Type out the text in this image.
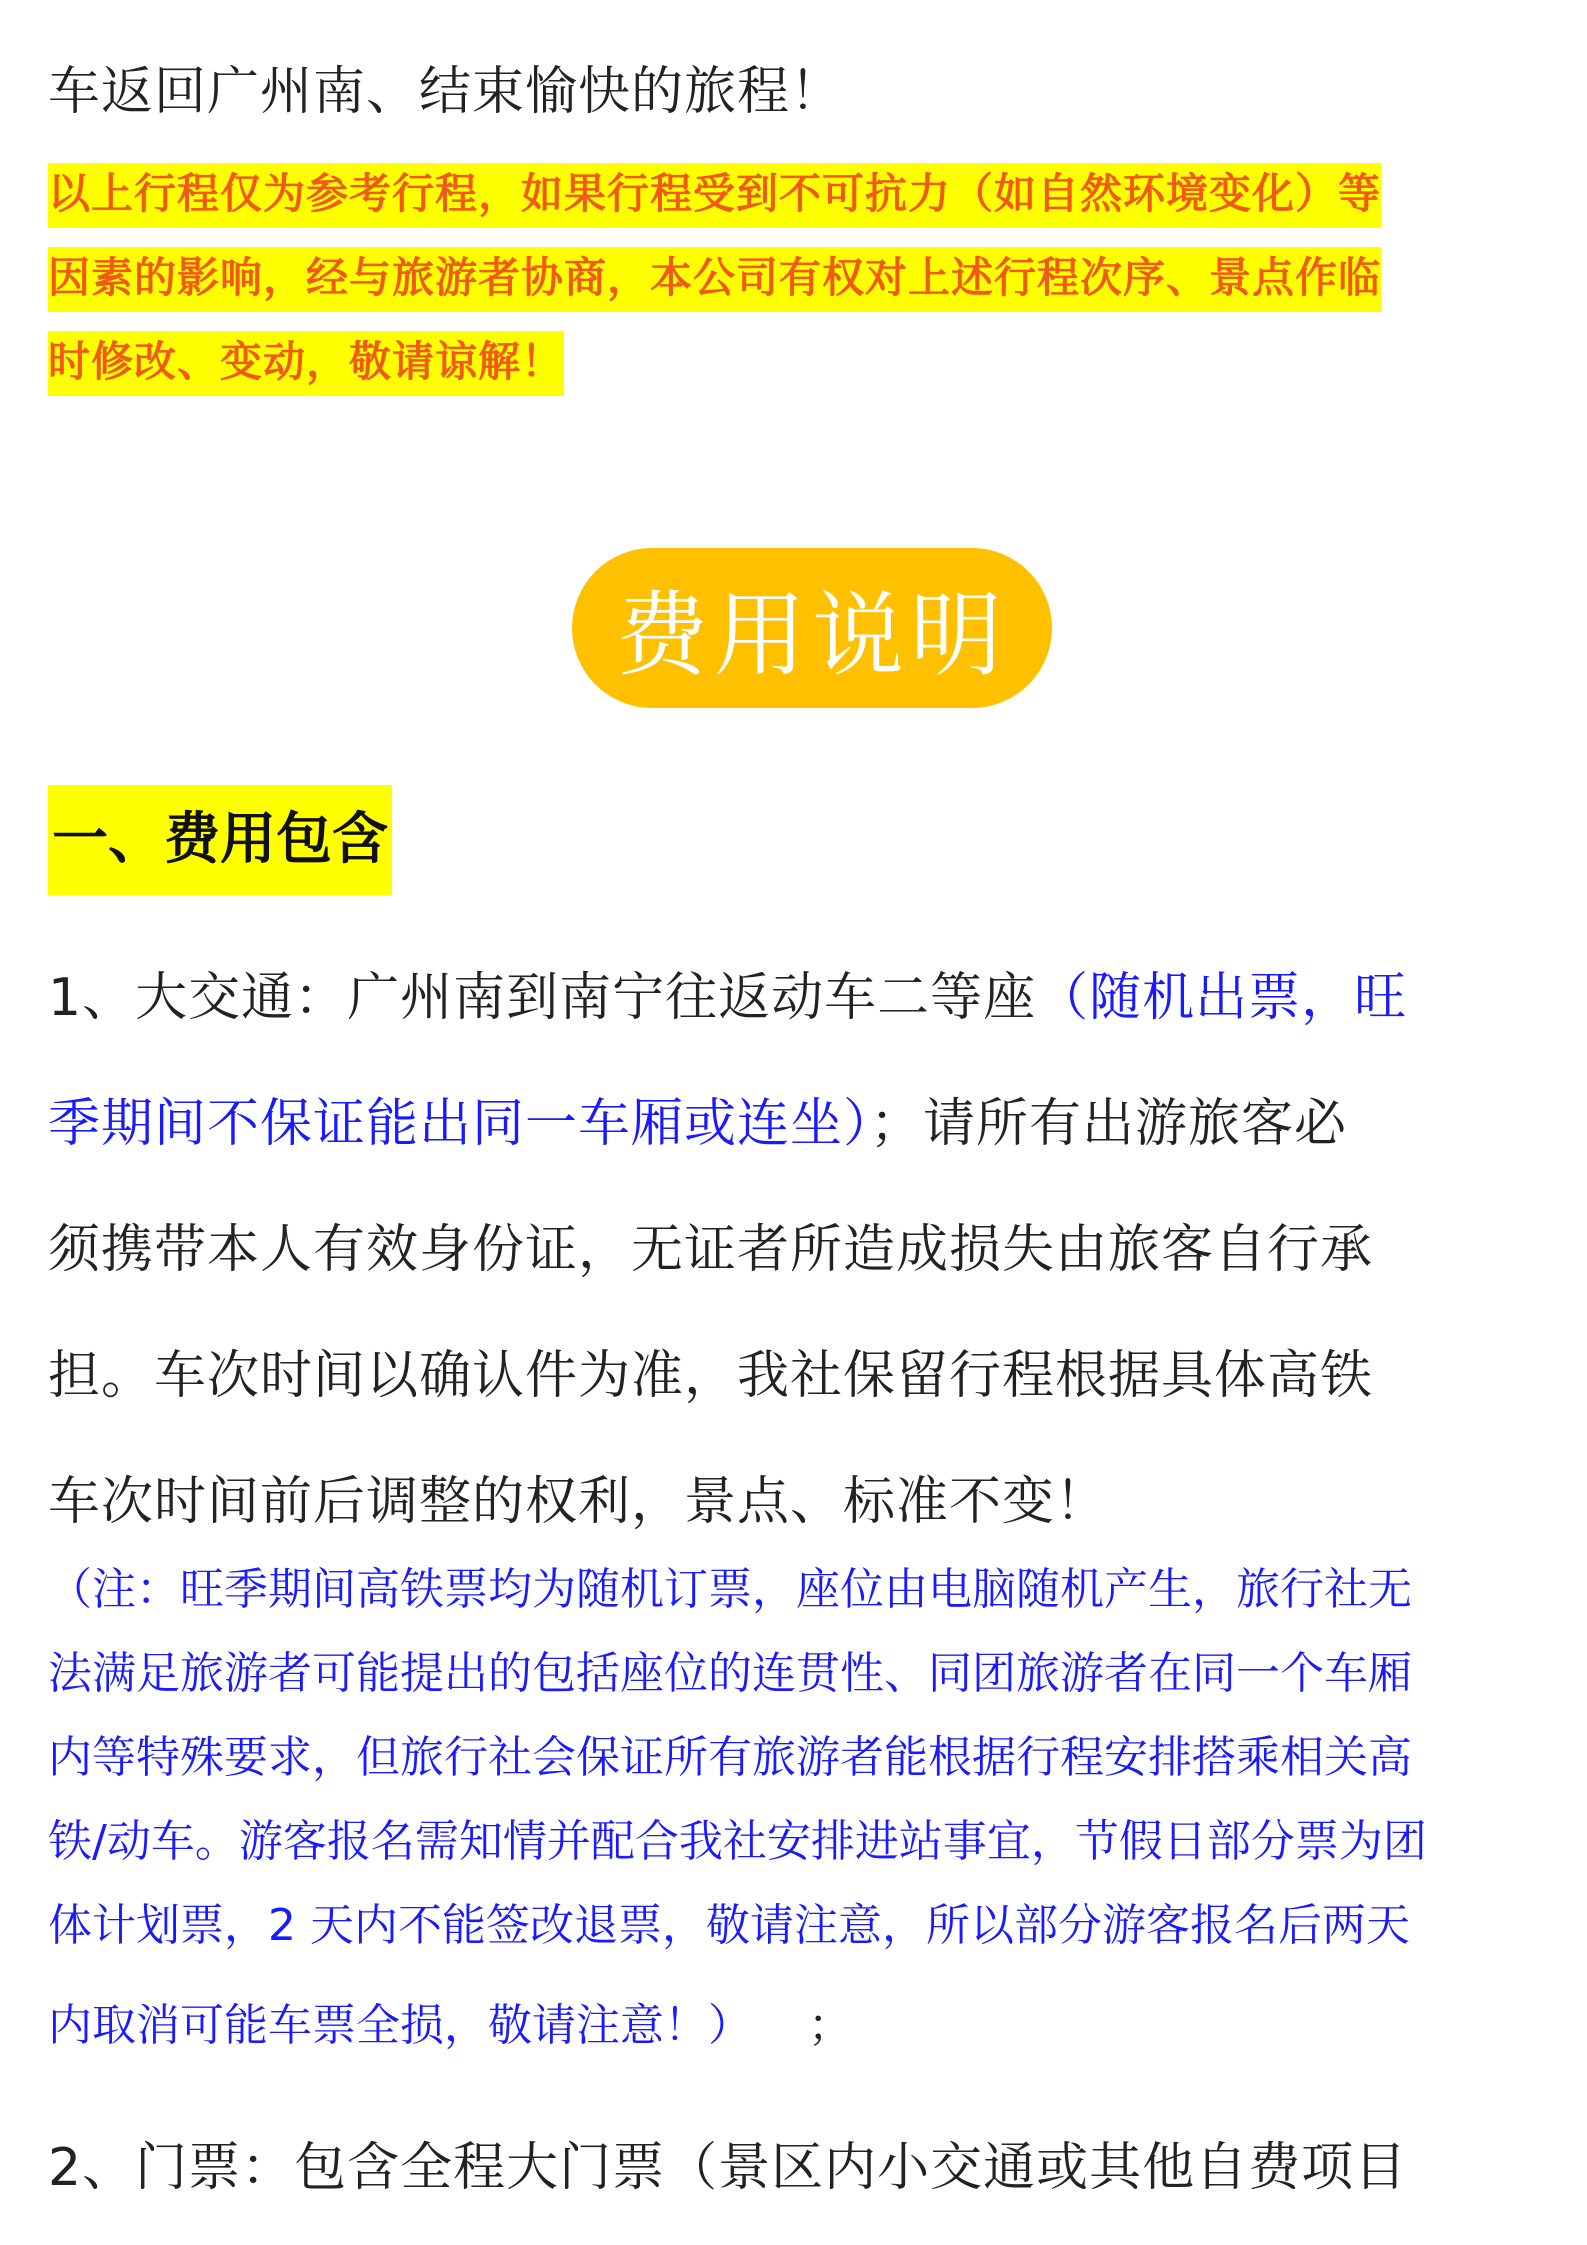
车返回广州南、结束愉快的旅程！
以上行程仅为参考行程，如果行程受到不可抗力（如自然环境变化）等
因素的影响，经与旅游者协商，本公司有权对上述行程次序、景点作临
时修改、变动，敬请谅解！
费用说明
一、费用包含
1、大交通：广州南到南宁往返动车二等座（随机出票，旺
季期间不保证能出同一车厢或连坐）；请所有出游旅客必
须携带本人有效身份证，无证者所造成损失由旅客自行承
担。车次时间以确认件为准，我社保留行程根据具体高铁
车次时间前后调整的权利，景点、标准不变！
（注：旺季期间高铁票均为随机订票，座位由电脑随机产生，旅行社无
法满足旅游者可能提出的包括座位的连贯性、同团旅游者在同一个车厢
内等特殊要求，但旅行社会保证所有旅游者能根据行程安排搭乘相关高
铁/动车。游客报名需知情并配合我社安排进站事宜，节假日部分票为团
体计划票，2 天内不能签改退票，敬请注意，所以部分游客报名后两天
内取消可能车票全损，敬请注意！） ；
2、门票：包含全程大门票（景区内小交通或其他自费项目
